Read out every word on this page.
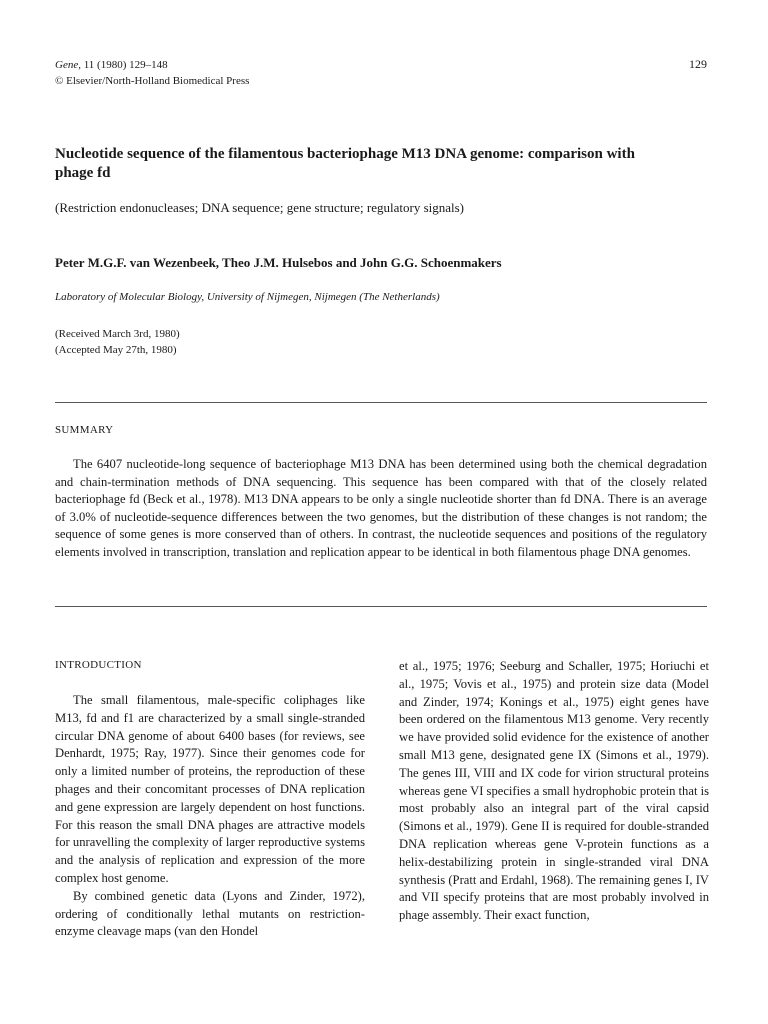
Gene, 11 (1980) 129–148
© Elsevier/North-Holland Biomedical Press
129
Nucleotide sequence of the filamentous bacteriophage M13 DNA genome: comparison with phage fd
(Restriction endonucleases; DNA sequence; gene structure; regulatory signals)
Peter M.G.F. van Wezenbeek, Theo J.M. Hulsebos and John G.G. Schoenmakers
Laboratory of Molecular Biology, University of Nijmegen, Nijmegen (The Netherlands)
(Received March 3rd, 1980)
(Accepted May 27th, 1980)
SUMMARY
The 6407 nucleotide-long sequence of bacteriophage M13 DNA has been determined using both the chemical degradation and chain-termination methods of DNA sequencing. This sequence has been compared with that of the closely related bacteriophage fd (Beck et al., 1978). M13 DNA appears to be only a single nucleotide shorter than fd DNA. There is an average of 3.0% of nucleotide-sequence differences between the two genomes, but the distribution of these changes is not random; the sequence of some genes is more conserved than of others. In contrast, the nucleotide sequences and positions of the regulatory elements involved in transcription, translation and replication appear to be identical in both filamentous phage DNA genomes.
INTRODUCTION

The small filamentous, male-specific coliphages like M13, fd and f1 are characterized by a small single-stranded circular DNA genome of about 6400 bases (for reviews, see Denhardt, 1975; Ray, 1977). Since their genomes code for only a limited number of proteins, the reproduction of these phages and their concomitant processes of DNA replication and gene expression are largely dependent on host functions. For this reason the small DNA phages are attractive models for unravelling the complexity of larger reproductive systems and the analysis of replication and expression of the more complex host genome.

By combined genetic data (Lyons and Zinder, 1972), ordering of conditionally lethal mutants on restriction-enzyme cleavage maps (van den Hondel

et al., 1975; 1976; Seeburg and Schaller, 1975; Horiuchi et al., 1975; Vovis et al., 1975) and protein size data (Model and Zinder, 1974; Konings et al., 1975) eight genes have been ordered on the filamentous M13 genome. Very recently we have provided solid evidence for the existence of another small M13 gene, designated gene IX (Simons et al., 1979). The genes III, VIII and IX code for virion structural proteins whereas gene VI specifies a small hydrophobic protein that is most probably also an integral part of the viral capsid (Simons et al., 1979). Gene II is required for double-stranded DNA replication whereas gene V-protein functions as a helix-destabilizing protein in single-stranded viral DNA synthesis (Pratt and Erdahl, 1968). The remaining genes I, IV and VII specify proteins that are most probably involved in phage assembly. Their exact function,
